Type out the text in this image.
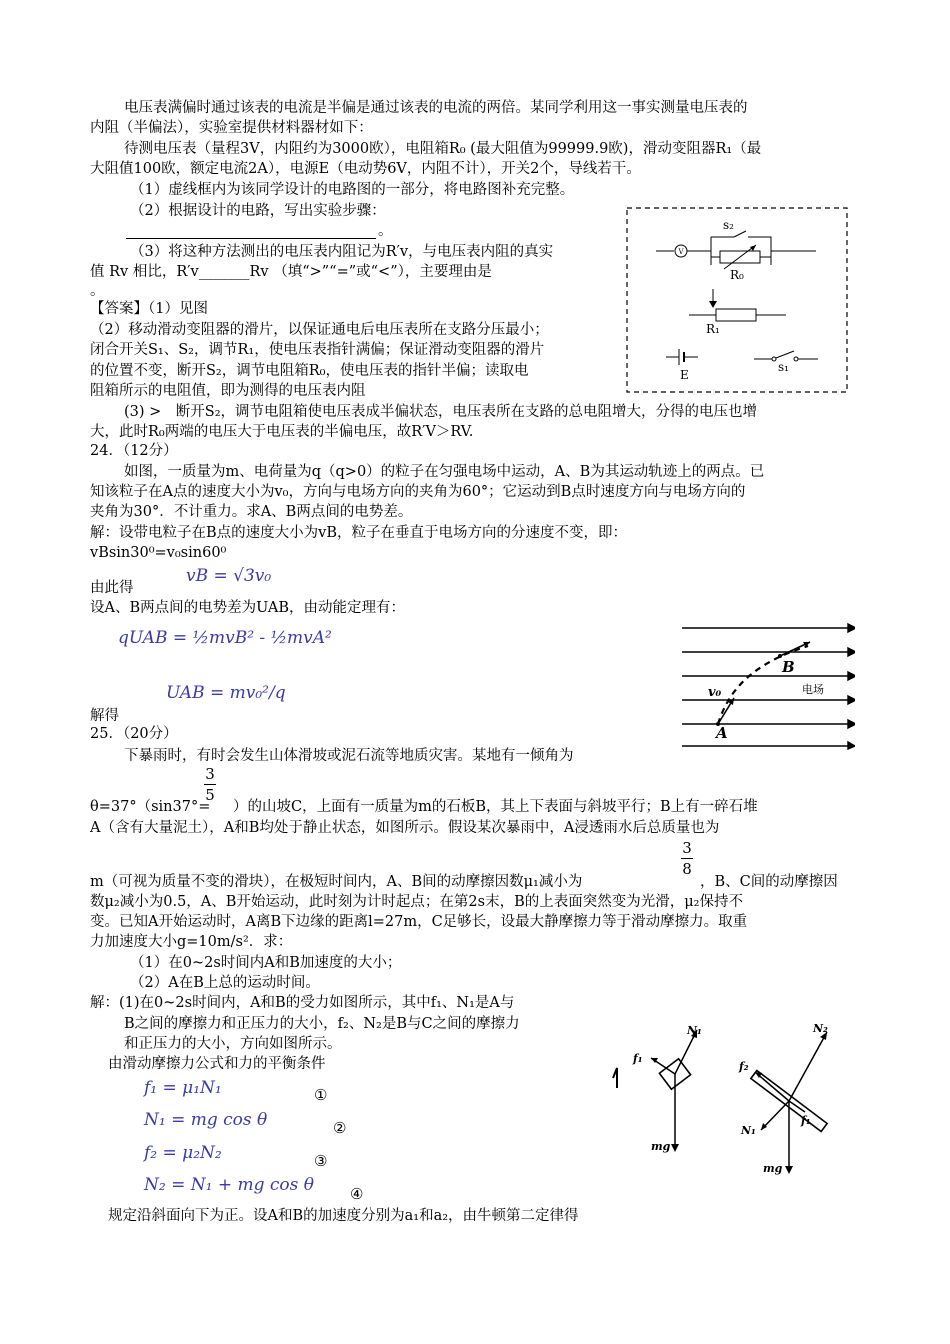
电压表满偏时通过该表的电流是半偏是通过该表的电流的两倍。某同学利用这一事实测量电压表的
内阻（半偏法），实验室提供材料器材如下：
待测电压表（量程3V，内阻约为3000欧），电阻箱R₀ (最大阻值为99999.9欧)，滑动变阻器R₁（最
大阻值100欧，额定电流2A），电源E（电动势6V，内阻不计），开关2个，导线若干。
（1）虚线框内为该同学设计的电路图的一部分，将电路图补充完整。
（2）根据设计的电路，写出实验步骤：
。
（3）将这种方法测出的电压表内阻记为R′v，与电压表内阻的真实
值 Rv 相比，R′v_______Rv （填“>”“=”或“<”），主要理由是
。
V
s₂
R₀
R₁
E
s₁
【答案】（1）见图
（2）移动滑动变阻器的滑片，以保证通电后电压表所在支路分压最小；
闭合开关S₁、S₂，调节R₁，使电压表指针满偏；保证滑动变阻器的滑片
的位置不变，断开S₂，调节电阻箱R₀，使电压表的指针半偏；读取电
阻箱所示的电阻值，即为测得的电压表内阻
(3) >　断开S₂，调节电阻箱使电压表成半偏状态，电压表所在支路的总电阻增大，分得的电压也增
大，此时R₀两端的电压大于电压表的半偏电压，故R′V＞RV.
24．（12分）
如图，一质量为m、电荷量为q（q>0）的粒子在匀强电场中运动，A、B为其运动轨迹上的两点。已
知该粒子在A点的速度大小为v₀，方向与电场方向的夹角为60°；它运动到B点时速度方向与电场方向的
夹角为30°．不计重力。求A、B两点间的电势差。
解：设带电粒子在B点的速度大小为vB，粒子在垂直于电场方向的分速度不变，即：
vBsin30⁰=v₀sin60⁰
vB = √3v₀
由此得
设A、B两点间的电势差为UAB，由动能定理有：
qUAB = ½mvB² - ½mvA²
UAB = mv₀²/q
解得
B
A
v₀	电场
25．（20分）
下暴雨时，有时会发生山体滑坡或泥石流等地质灾害。某地有一倾角为
θ=37°（sin37°=
$\frac{3}{5}$
）的山坡C，上面有一质量为m的石板B，其上下表面与斜坡平行；B上有一碎石堆
A（含有大量泥土），A和B均处于静止状态，如图所示。假设某次暴雨中，A浸透雨水后总质量也为
m（可视为质量不变的滑块），在极短时间内，A、B间的动摩擦因数μ₁减小为
$\frac{3}{8}$
，B、C间的动摩擦因
数μ₂减小为0.5，A、B开始运动，此时刻为计时起点；在第2s末，B的上表面突然变为光滑，μ₂保持不
变。已知A开始运动时，A离B下边缘的距离l=27m，C足够长，设最大静摩擦力等于滑动摩擦力。取重
力加速度大小g=10m/s²．求：
（1）在0~2s时间内A和B加速度的大小；
（2）A在B上总的运动时间。
解：(1)在0~2s时间内，A和B的受力如图所示，其中f₁、N₁是A与
B之间的摩擦力和正压力的大小，f₂、N₂是B与C之间的摩擦力
和正压力的大小，方向如图所示。
由滑动摩擦力公式和力的平衡条件
f₁ = μ₁N₁
N₁ = mg cos θ
f₂ = μ₂N₂
N₂ = N₁ + mg cos θ
①
②
③
④
规定沿斜面向下为正。设A和B的加速度分别为a₁和a₂，由牛顿第二定律得
N₁
f₁
mg
N₂
f₂
N₁
f₁
mg
